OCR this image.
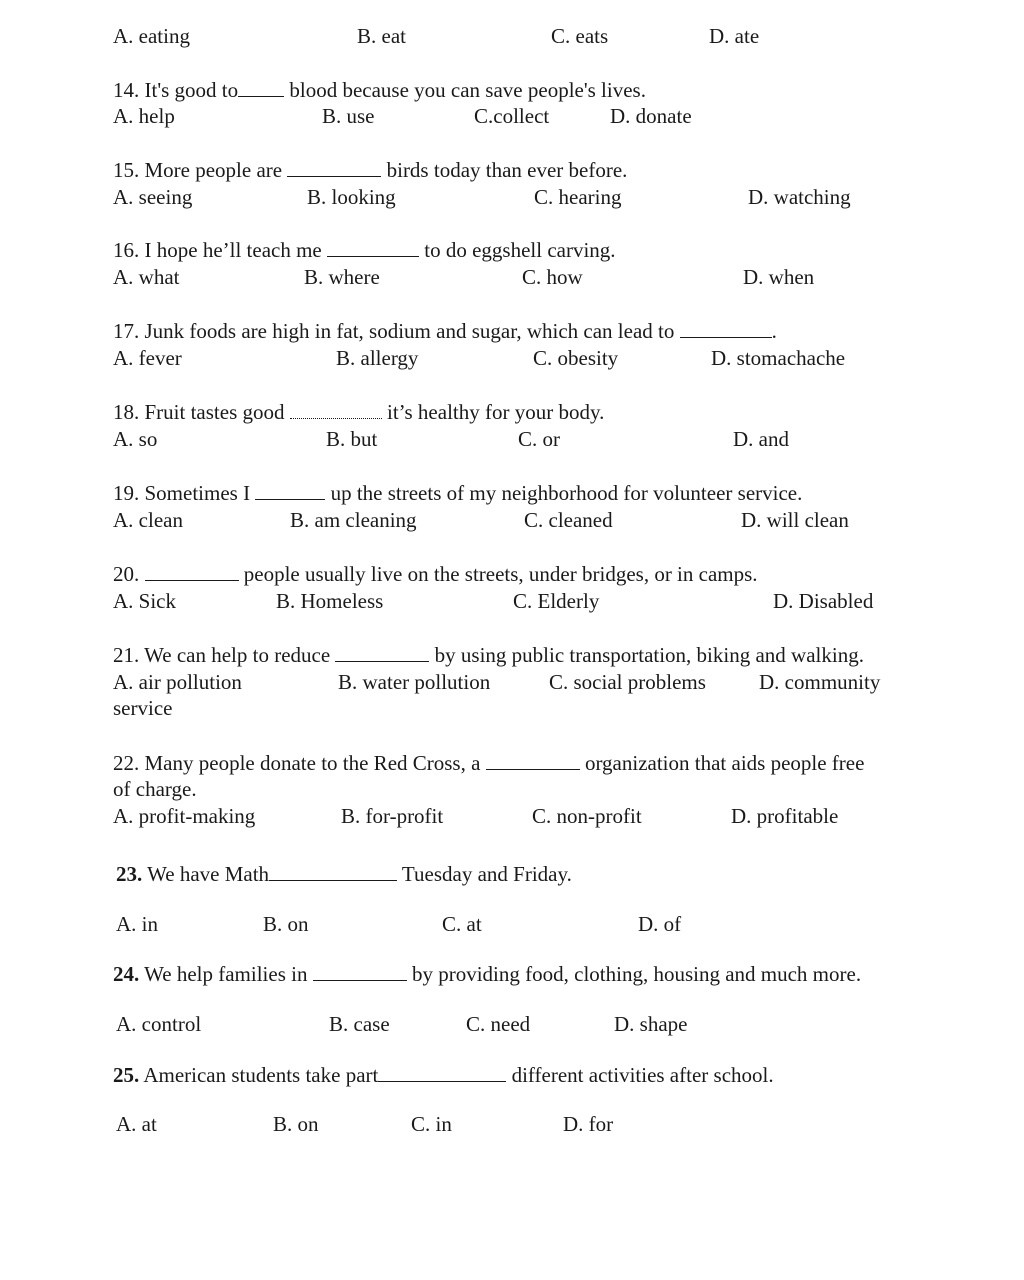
A. eating	B. eat	C. eats	D. ate
14. It's good to blood because you can save people's lives.
A. help	B. use	C.collect	D. donate
15. More people are	birds today than ever before.
A. seeing	B. looking	C. hearing	D. watching
16. I hope he’ll teach me	to do eggshell carving.
A. what	B. where	C. how	D. when
17. Junk foods are high in fat, sodium and sugar, which can lead to	.
A. fever	B. allergy	C. obesity	D. stomachache
18. Fruit tastes good	it’s healthy for your body.
A. so	B. but	C. or	D. and
19. Sometimes I	up the streets of my neighborhood for volunteer service.
A. clean	B. am cleaning	C. cleaned	D. will clean
20.	people usually live on the streets, under bridges, or in camps.
A. Sick	B. Homeless	C. Elderly	D. Disabled
21. We can help to reduce	by using public transportation, biking and walking.
A. air pollution	B. water pollution	C. social problems	D. community
service
22. Many people donate to the Red Cross, a	organization that aids people free
of charge.
A. profit-making	B. for-profit	C. non-profit	D. profitable
23. We have Math	Tuesday and Friday.
A. in	B. on	C. at	D. of
24. We help families in	by providing food, clothing, housing and much more.
A. control	B. case	C. need	D. shape
25. American students take part	different activities after school.
A. at	B. on	C. in	D. for
